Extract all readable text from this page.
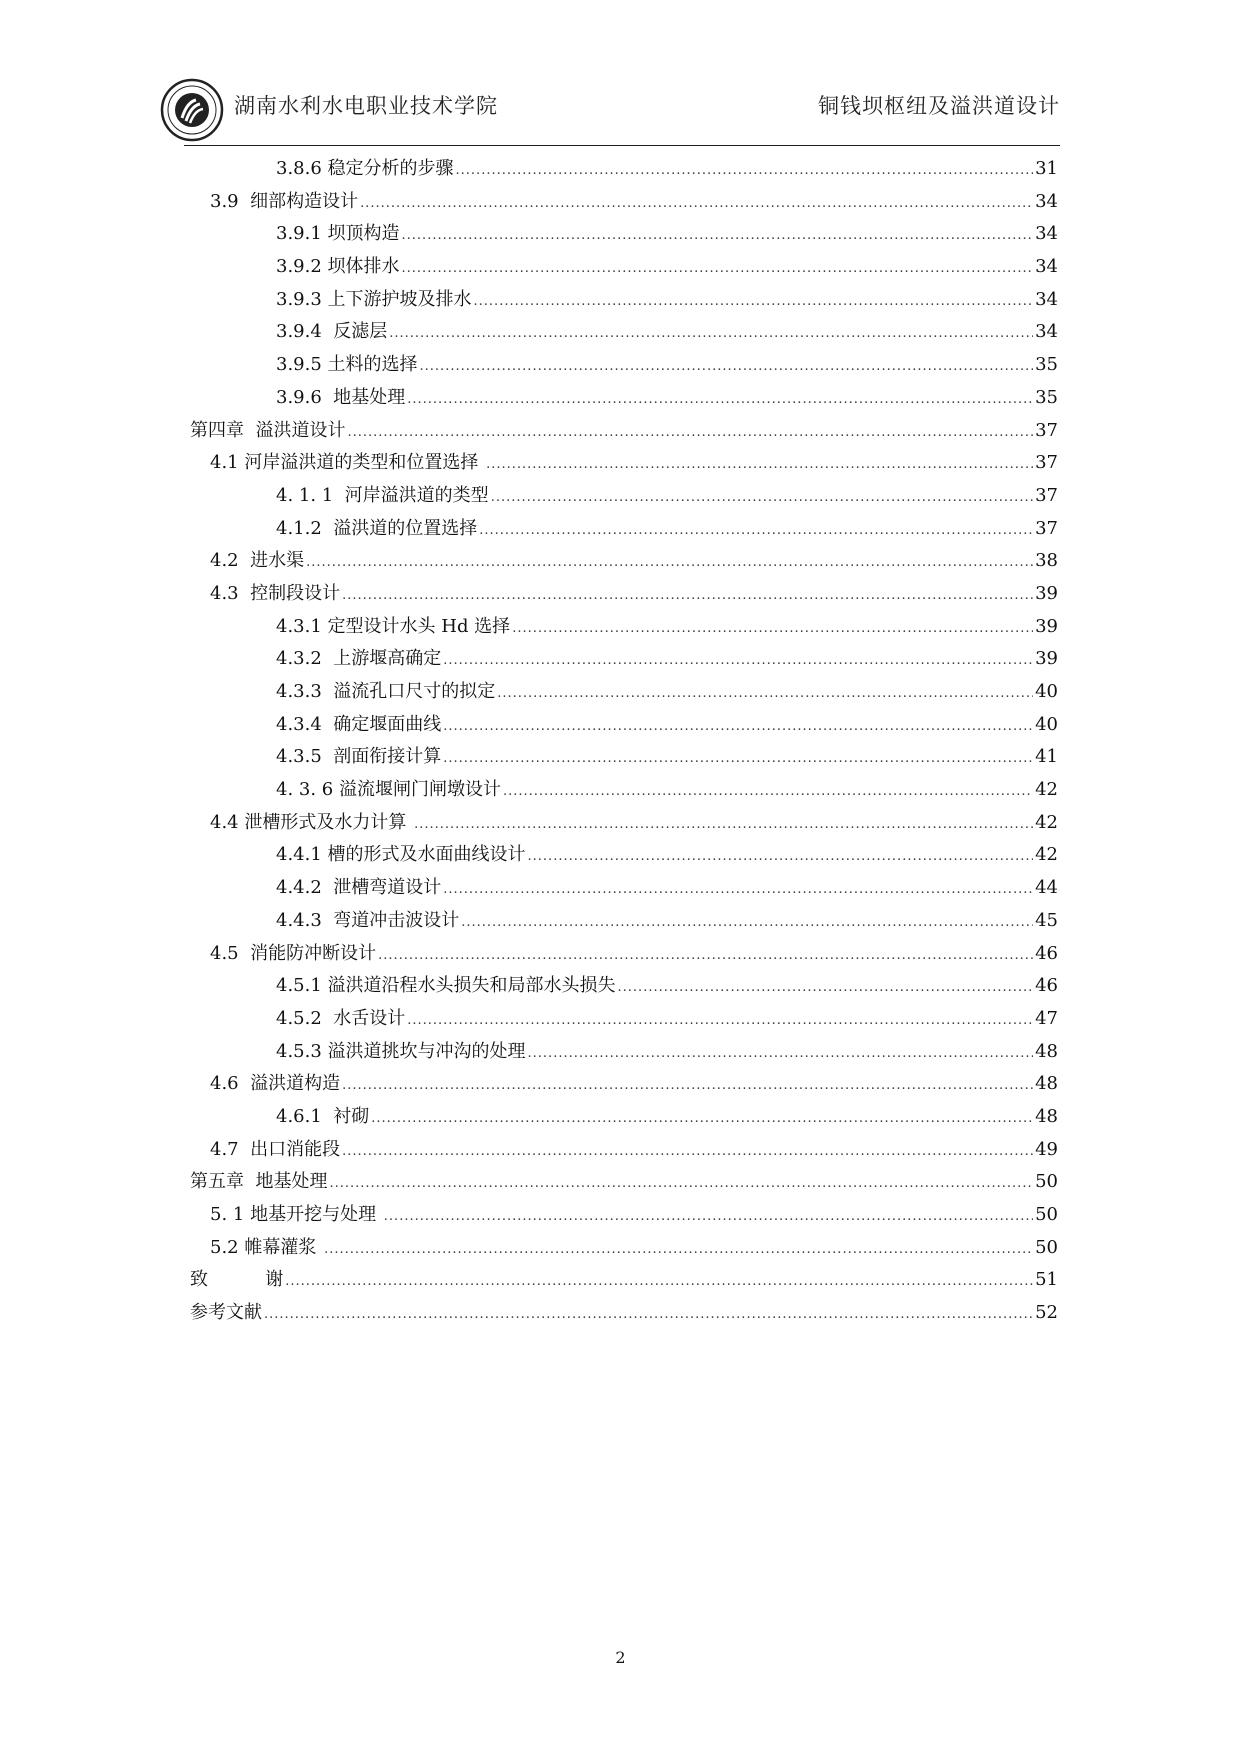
湖南水利水电职业技术学院	铜钱坝枢纽及溢洪道设计
3.8.6 稳定分析的步骤 .....	31
3.9  细部构造设计 .....	34
3.9.1 坝顶构造 .....	34
3.9.2 坝体排水 .....	34
3.9.3 上下游护坡及排水 .....	34
3.9.4  反滤层 .....	34
3.9.5 土料的选择 .....	35
3.9.6  地基处理 .....	35
第四章  溢洪道设计 .....	37
4.1 河岸溢洪道的类型和位置选择 .....	37
4. 1. 1  河岸溢洪道的类型 .....	37
4.1.2  溢洪道的位置选择 .....	37
4.2  进水渠 .....	38
4.3  控制段设计 .....	39
4.3.1 定型设计水头 Hd 选择 .....	39
4.3.2  上游堰高确定 .....	39
4.3.3  溢流孔口尺寸的拟定 .....	40
4.3.4  确定堰面曲线 .....	40
4.3.5  剖面衔接计算 .....	41
4. 3. 6 溢流堰闸门闸墩设计 .....	42
4.4 泄槽形式及水力计算 .....	42
4.4.1 槽的形式及水面曲线设计 .....	42
4.4.2  泄槽弯道设计 .....	44
4.4.3  弯道冲击波设计 .....	45
4.5  消能防冲断设计 .....	46
4.5.1 溢洪道沿程水头损失和局部水头损失 .....	46
4.5.2  水舌设计 .....	47
4.5.3 溢洪道挑坎与冲沟的处理 .....	48
4.6  溢洪道构造 .....	48
4.6.1  衬砌 .....	48
4.7  出口消能段 .....	49
第五章  地基处理 .....	50
5. 1 地基开挖与处理 .....	50
5.2 帷幕灌浆 .....	50
致          谢 .....	51
参考文献 .....	52
2
